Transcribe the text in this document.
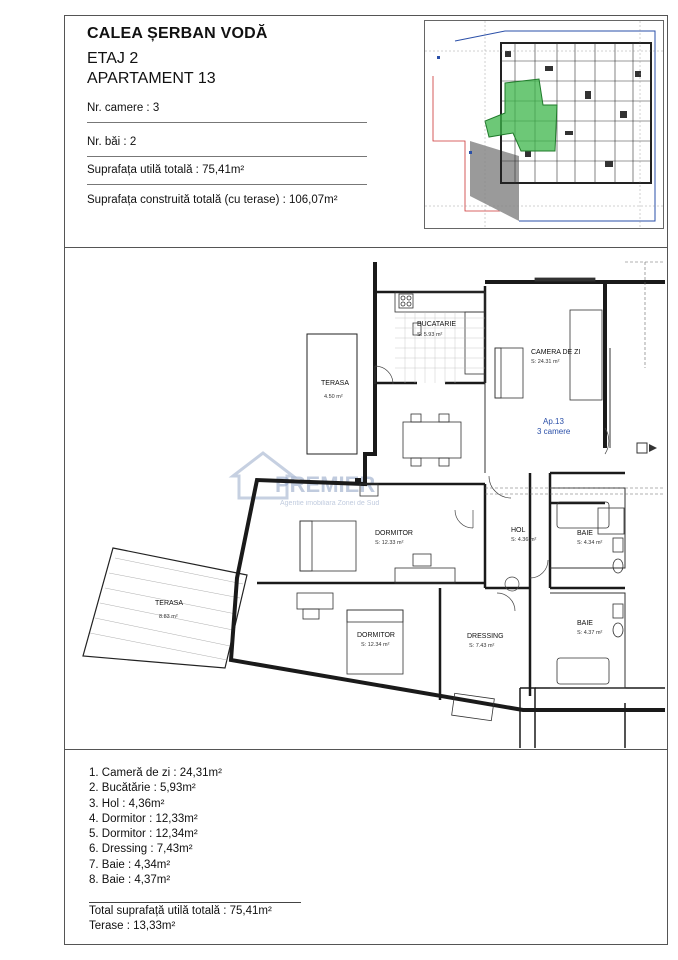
CALEA ȘERBAN VODĂ
ETAJ 2
APARTAMENT 13
Nr. camere : 3
Nr. băi : 2
Suprafața utilă totală : 75,41m²
Suprafața construită totală (cu terase) : 106,07m²
PREMIER
Agentie imobiliara Zonei de Sud
TERASA
4.50 m²
TERASA
8.83 m²
BUCATARIE
S: 5.93 m²
CAMERA DE ZI
S: 24.31 m²
Ap.13
3 camere
DORMITOR
S: 12.33 m²
DORMITOR
S: 12.34 m²
HOL
S: 4.36 m²
DRESSING
S: 7.43 m²
BAIE
S: 4.34 m²
BAIE
S: 4.37 m²
1. Cameră de zi : 24,31m²
2. Bucătărie : 5,93m²
3. Hol : 4,36m²
4. Dormitor : 12,33m²
5. Dormitor : 12,34m²
6. Dressing : 7,43m²
7. Baie : 4,34m²
8. Baie : 4,37m²
Total suprafață utilă totală : 75,41m²
Terase : 13,33m²
